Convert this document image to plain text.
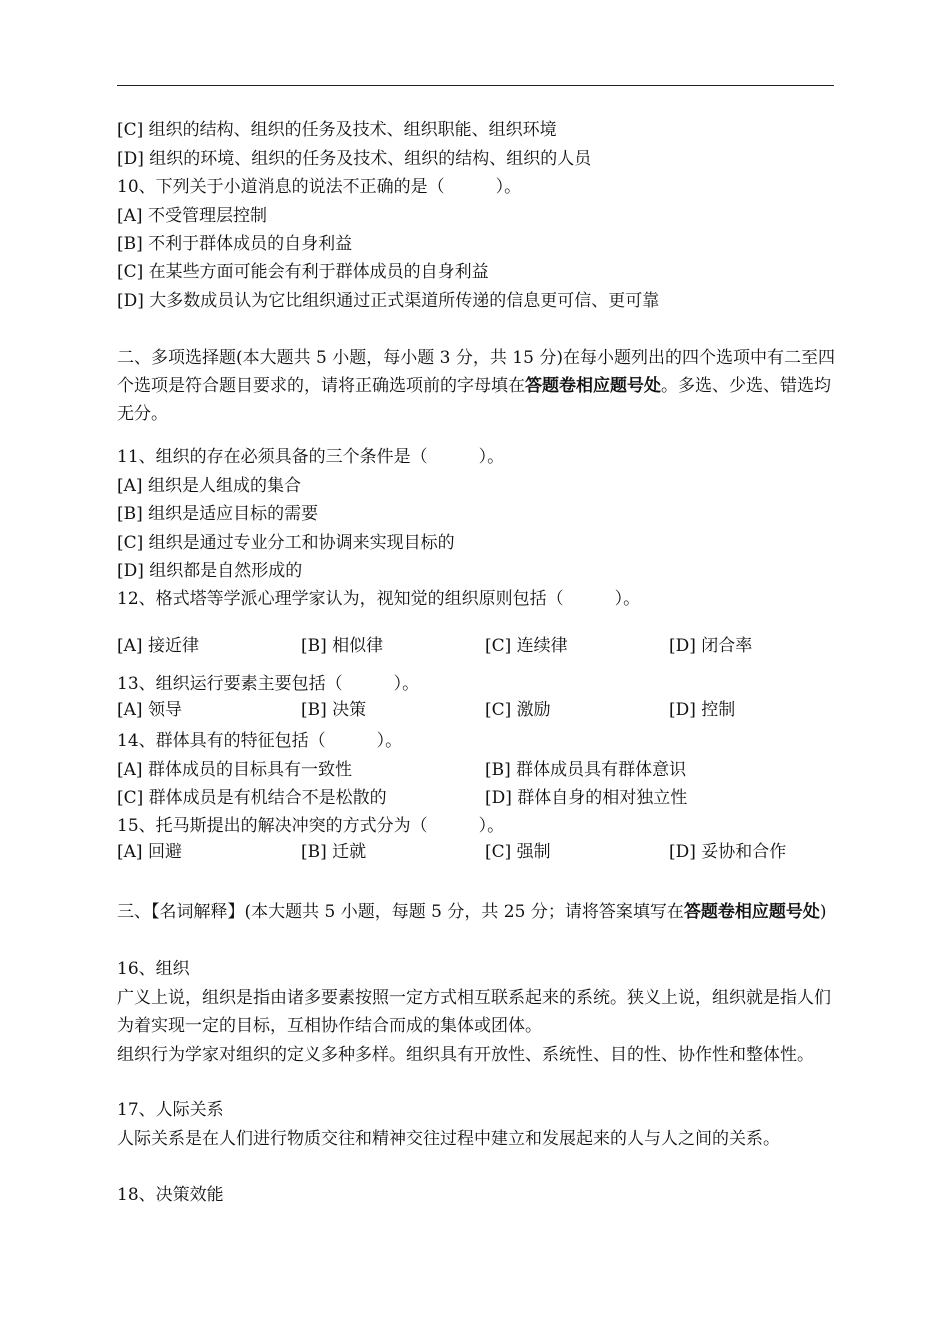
[C] 组织的结构、组织的任务及技术、组织职能、组织环境
[D] 组织的环境、组织的任务及技术、组织的结构、组织的人员
10、下列关于小道消息的说法不正确的是（　　　）。
[A] 不受管理层控制
[B] 不利于群体成员的自身利益
[C] 在某些方面可能会有利于群体成员的自身利益
[D] 大多数成员认为它比组织通过正式渠道所传递的信息更可信、更可靠
二、多项选择题(本大题共 5 小题，每小题 3 分，共 15 分)在每小题列出的四个选项中有二至四个选项是符合题目要求的，请将正确选项前的字母填在答题卷相应题号处。多选、少选、错选均无分。
11、组织的存在必须具备的三个条件是（　　　）。
[A] 组织是人组成的集合
[B] 组织是适应目标的需要
[C] 组织是通过专业分工和协调来实现目标的
[D] 组织都是自然形成的
12、格式塔等学派心理学家认为，视知觉的组织原则包括（　　　）。
[A] 接近律	[B] 相似律	[C] 连续律	[D] 闭合率
13、组织运行要素主要包括（　　　）。
[A] 领导	[B] 决策	[C] 激励	[D] 控制
14、群体具有的特征包括（　　　）。
[A] 群体成员的目标具有一致性	[B] 群体成员具有群体意识
[C] 群体成员是有机结合不是松散的	[D] 群体自身的相对独立性
15、托马斯提出的解决冲突的方式分为（　　　）。
[A] 回避	[B] 迁就	[C] 强制	[D] 妥协和合作
三、【名词解释】(本大题共 5 小题，每题 5 分，共 25 分；请将答案填写在答题卷相应题号处)
16、组织
广义上说，组织是指由诸多要素按照一定方式相互联系起来的系统。狭义上说，组织就是指人们为着实现一定的目标，互相协作结合而成的集体或团体。
组织行为学家对组织的定义多种多样。组织具有开放性、系统性、目的性、协作性和整体性。
17、人际关系
人际关系是在人们进行物质交往和精神交往过程中建立和发展起来的人与人之间的关系。
18、决策效能
